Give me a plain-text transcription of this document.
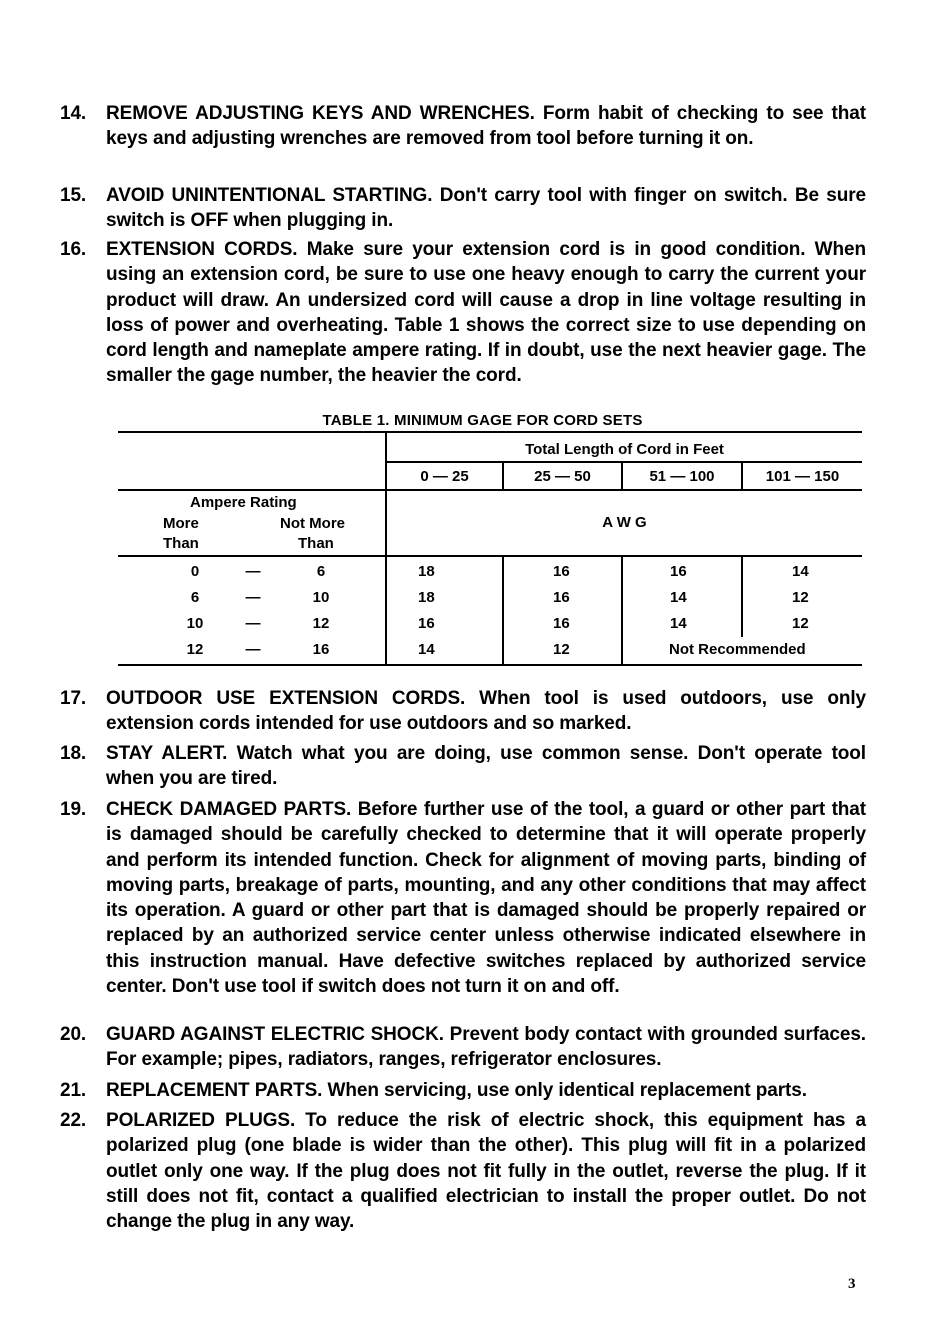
14.	REMOVE ADJUSTING KEYS AND WRENCHES. Form habit of checking to see that keys and adjusting wrenches are removed from tool before turning it on.
15.	AVOID UNINTENTIONAL STARTING. Don't carry tool with finger on switch. Be sure switch is OFF when plugging in.
16.	EXTENSION CORDS. Make sure your extension cord is in good condition. When using an extension cord, be sure to use one heavy enough to carry the current your product will draw. An undersized cord will cause a drop in line voltage resulting in loss of power and overheating. Table 1 shows the correct size to use depending on cord length and nameplate ampere rating. If in doubt, use the next heavier gage. The smaller the gage number, the heavier the cord.
TABLE 1. MINIMUM GAGE FOR CORD SETS
Total Length of Cord in Feet
0 — 25	25 — 50	51 — 100	101 — 150
Ampere Rating
More
Than
Not More
Than
A W G
0	—	6	18	16	16	14
6	—	10	18	16	14	12
10	—	12	16	16	14	12
12	—	16	14	12	Not Recommended
17.	OUTDOOR USE EXTENSION CORDS. When tool is used outdoors, use only extension cords intended for use outdoors and so marked.
18.	STAY ALERT. Watch what you are doing, use common sense. Don't operate tool when you are tired.
19.	CHECK DAMAGED PARTS. Before further use of the tool, a guard or other part that is damaged should be carefully checked to determine that it will operate properly and perform its intended function. Check for alignment of moving parts, binding of moving parts, breakage of parts, mounting, and any other conditions that may affect its operation. A guard or other part that is damaged should be properly repaired or replaced by an authorized service center unless otherwise indicated elsewhere in this instruction manual. Have defective switches replaced by authorized service center. Don't use tool if switch does not turn it on and off.
20.	GUARD AGAINST ELECTRIC SHOCK. Prevent body contact with grounded surfaces. For example; pipes, radiators, ranges, refrigerator enclosures.
21.	REPLACEMENT PARTS. When servicing, use only identical replacement parts.
22.	POLARIZED PLUGS. To reduce the risk of electric shock, this equipment has a polarized plug (one blade is wider than the other). This plug will fit in a polarized outlet only one way. If the plug does not fit fully in the outlet, reverse the plug. If it still does not fit, contact a qualified electrician to install the proper outlet. Do not change the plug in any way.
3
